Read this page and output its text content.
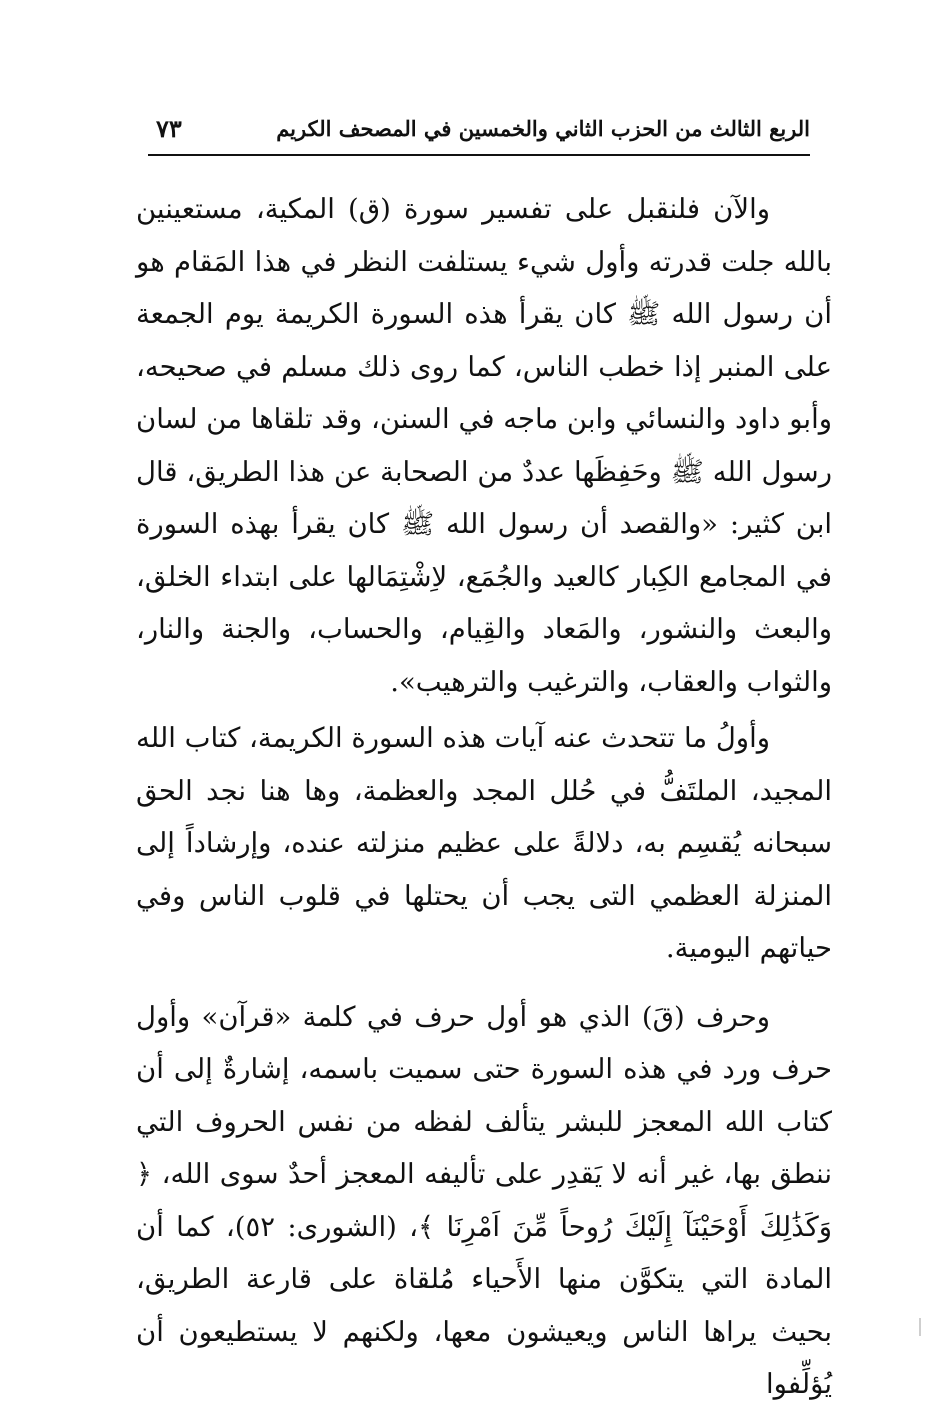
الربع الثالث من الحزب الثاني والخمسين في المصحف الكريم
٧٣

والآن فلنقبل على تفسير سورة (ق) المكية، مستعينين بالله جلت قدرته وأول شيء يستلفت النظر في هذا المَقام هو أن رسول الله ﷺ كان يقرأ هذه السورة الكريمة يوم الجمعة على المنبر إذا خطب الناس، كما روى ذلك مسلم في صحيحه، وأبو داود والنسائي وابن ماجه في السنن، وقد تلقاها من لسان رسول الله ﷺ وحَفِظَها عددٌ من الصحابة عن هذا الطريق، قال ابن كثير: «والقصد أن رسول الله ﷺ كان يقرأ بهذه السورة في المجامع الكِبار كالعيد والجُمَع، لاِشْتِمَالها على ابتداء الخلق، والبعث والنشور، والمَعاد والقِيام، والحساب، والجنة والنار، والثواب والعقاب، والترغيب والترهيب».

وأولُ ما تتحدث عنه آيات هذه السورة الكريمة، كتاب الله المجيد، الملتَفُّ في حُلل المجد والعظمة، وها هنا نجد الحق سبحانه يُقسِم به، دلالةً على عظيم منزلته عنده، وإرشاداً إلى المنزلة العظمي التى يجب أن يحتلها في قلوب الناس وفي حياتهم اليومية.

وحرف (قَ) الذي هو أول حرف في كلمة «قرآن» وأول حرف ورد في هذه السورة حتى سميت باسمه، إشارةٌ إلى أن كتاب الله المعجز للبشر يتألف لفظه من نفس الحروف التي ننطق بها، غير أنه لا يَقدِر على تأليفه المعجز أحدٌ سوى الله، ﴿ وَكَذَٰلِكَ أَوْحَيْنَآ إِلَيْكَ رُوحاً مِّنَ اَمْرِنَا ﴾، (الشورى: ٥٢)، كما أن المادة التي يتكوَّن منها الأَحياء مُلقاة على قارعة الطريق، بحيث يراها الناس ويعيشون معها، ولكنهم لا يستطيعون أن يُؤلِّفوا
